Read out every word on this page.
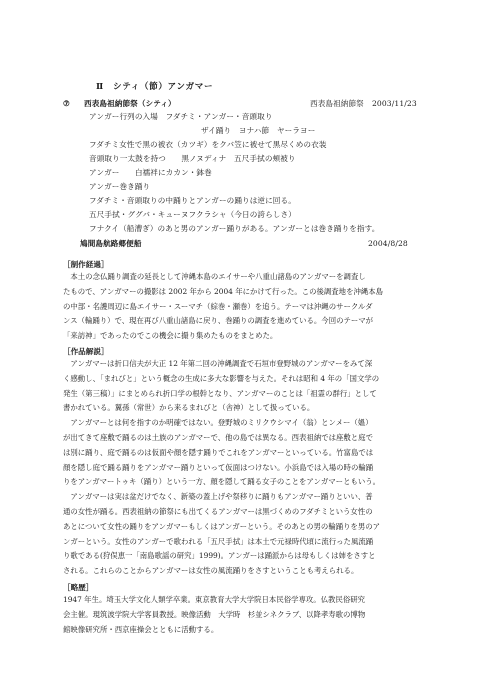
Ⅱ　シティ（節）アンガマー
⑦ 西表島祖納節祭（シティ）	西表島祖納節祭 2003/11/23
アンガー行列の入場　フダチミ・アンガー・音頭取り
ザイ踊り　ヨナハ節　ヤーラヨー
フダチミ女性で黒の被衣（カツギ）をクバ笠に被せて黒尽くめの衣装
音頭取り一太鼓を持つ　　黒ノヌディナ　五尺手拭の頬被り
アンガー　　白襦袢にカカン・鉢巻
アンガー巻き踊り
フダチミ・音頭取りの中踊りとアンガーの踊りは逆に回る。
五尺手拭・ググバ・キューヌフクラシャ（今日の誇らしさ）
フナクイ（船漕ぎ）のあと男のアンガー踊りがある。アンガーとは巻き踊りを指す。
鳩間島航路郷便船	2004/8/28
［制作経過］
　本土の念仏踊り調査の延長として沖縄本島のエイサーや八重山諸島のアンガマーを調査し
たもので、アンガマーの撮影は 2002 年から 2004 年にかけて行った。この後調査地を沖縄本島
の中部・名護周辺に島エイサー・スーマチ（綜巻・瀬巻）を追う。テーマは沖縄のサークルダ
ンス（輪踊り）で、現在再び八重山諸島に戻り、巻踊りの調査を進めている。今回のテーマが
「来訪神」であったのでこの機会に撮り集めたものをまとめた。
［作品解説］
　アンガマーは折口信夫が大正 12 年第二回の沖縄調査で石垣市登野城のアンガマーをみて深
く感動し、「まれびと」という概念の生成に多大な影響を与えた。それは昭和 4 年の「国文学の
発生（第三稿）」にまとめられ折口学の根幹となり、アンガマーのことは「祖霊の群行」として
書かれている。翼孫（常世）から来るまれびと（舎神）として扱っている。
　アンガマーとは何を指すのか明確ではない。登野城のミリクウシマイ（翁）とンメー（媼）
が出てきて座敷で踊るのは土族のアンガマーで、他の島では異なる。西表祖納では座敷と庭で
は別に踊り、庭で踊るのは仮面や顔を隠す踊りでこれをアンガマーといっている。竹富島では
顔を隠し庭で踊る踊りをアンガマー踊りといって仮面はつけない。小浜島では入場の時の輪踊
りをアンガマートゥキ（踊り）という一方、顔を隠して踊る女子のことをアンガマーともいう。
　アンガマーは実は盆だけでなく、新築の蓋上げや祭移りに踊りもアンガマー踊りといい、普
通の女性が踊る。西表祖納の節祭にも出てくるアンガマーは黒づくめのフダチミという女性の
あとについて女性の踊りをアンガマーもしくはアンガーという。そのあとの男の輪踊りを男のア
ンガーという。女性のアンガーで歌われる「五尺手拭」は本土で元禄時代頃に流行った風流踊
り歌である(狩俣恵一「南島歌謡の研究」1999)。アンガーは踊派からは母もしくは姉をさすと
される。これらのことからアンガマーは女性の風流踊りをさすということも考えられる。
［略歴］
1947 年生。埼玉大学文化人類学卒業。東京教育大学大学院日本民俗学専攻。仏教民俗研究
会主催。現筑波学院大学客員教授。映像活動　大学時　杉並シネクラブ、以降孝寿歌の博物
館映像研究所・西京座操会とともに活動する。
